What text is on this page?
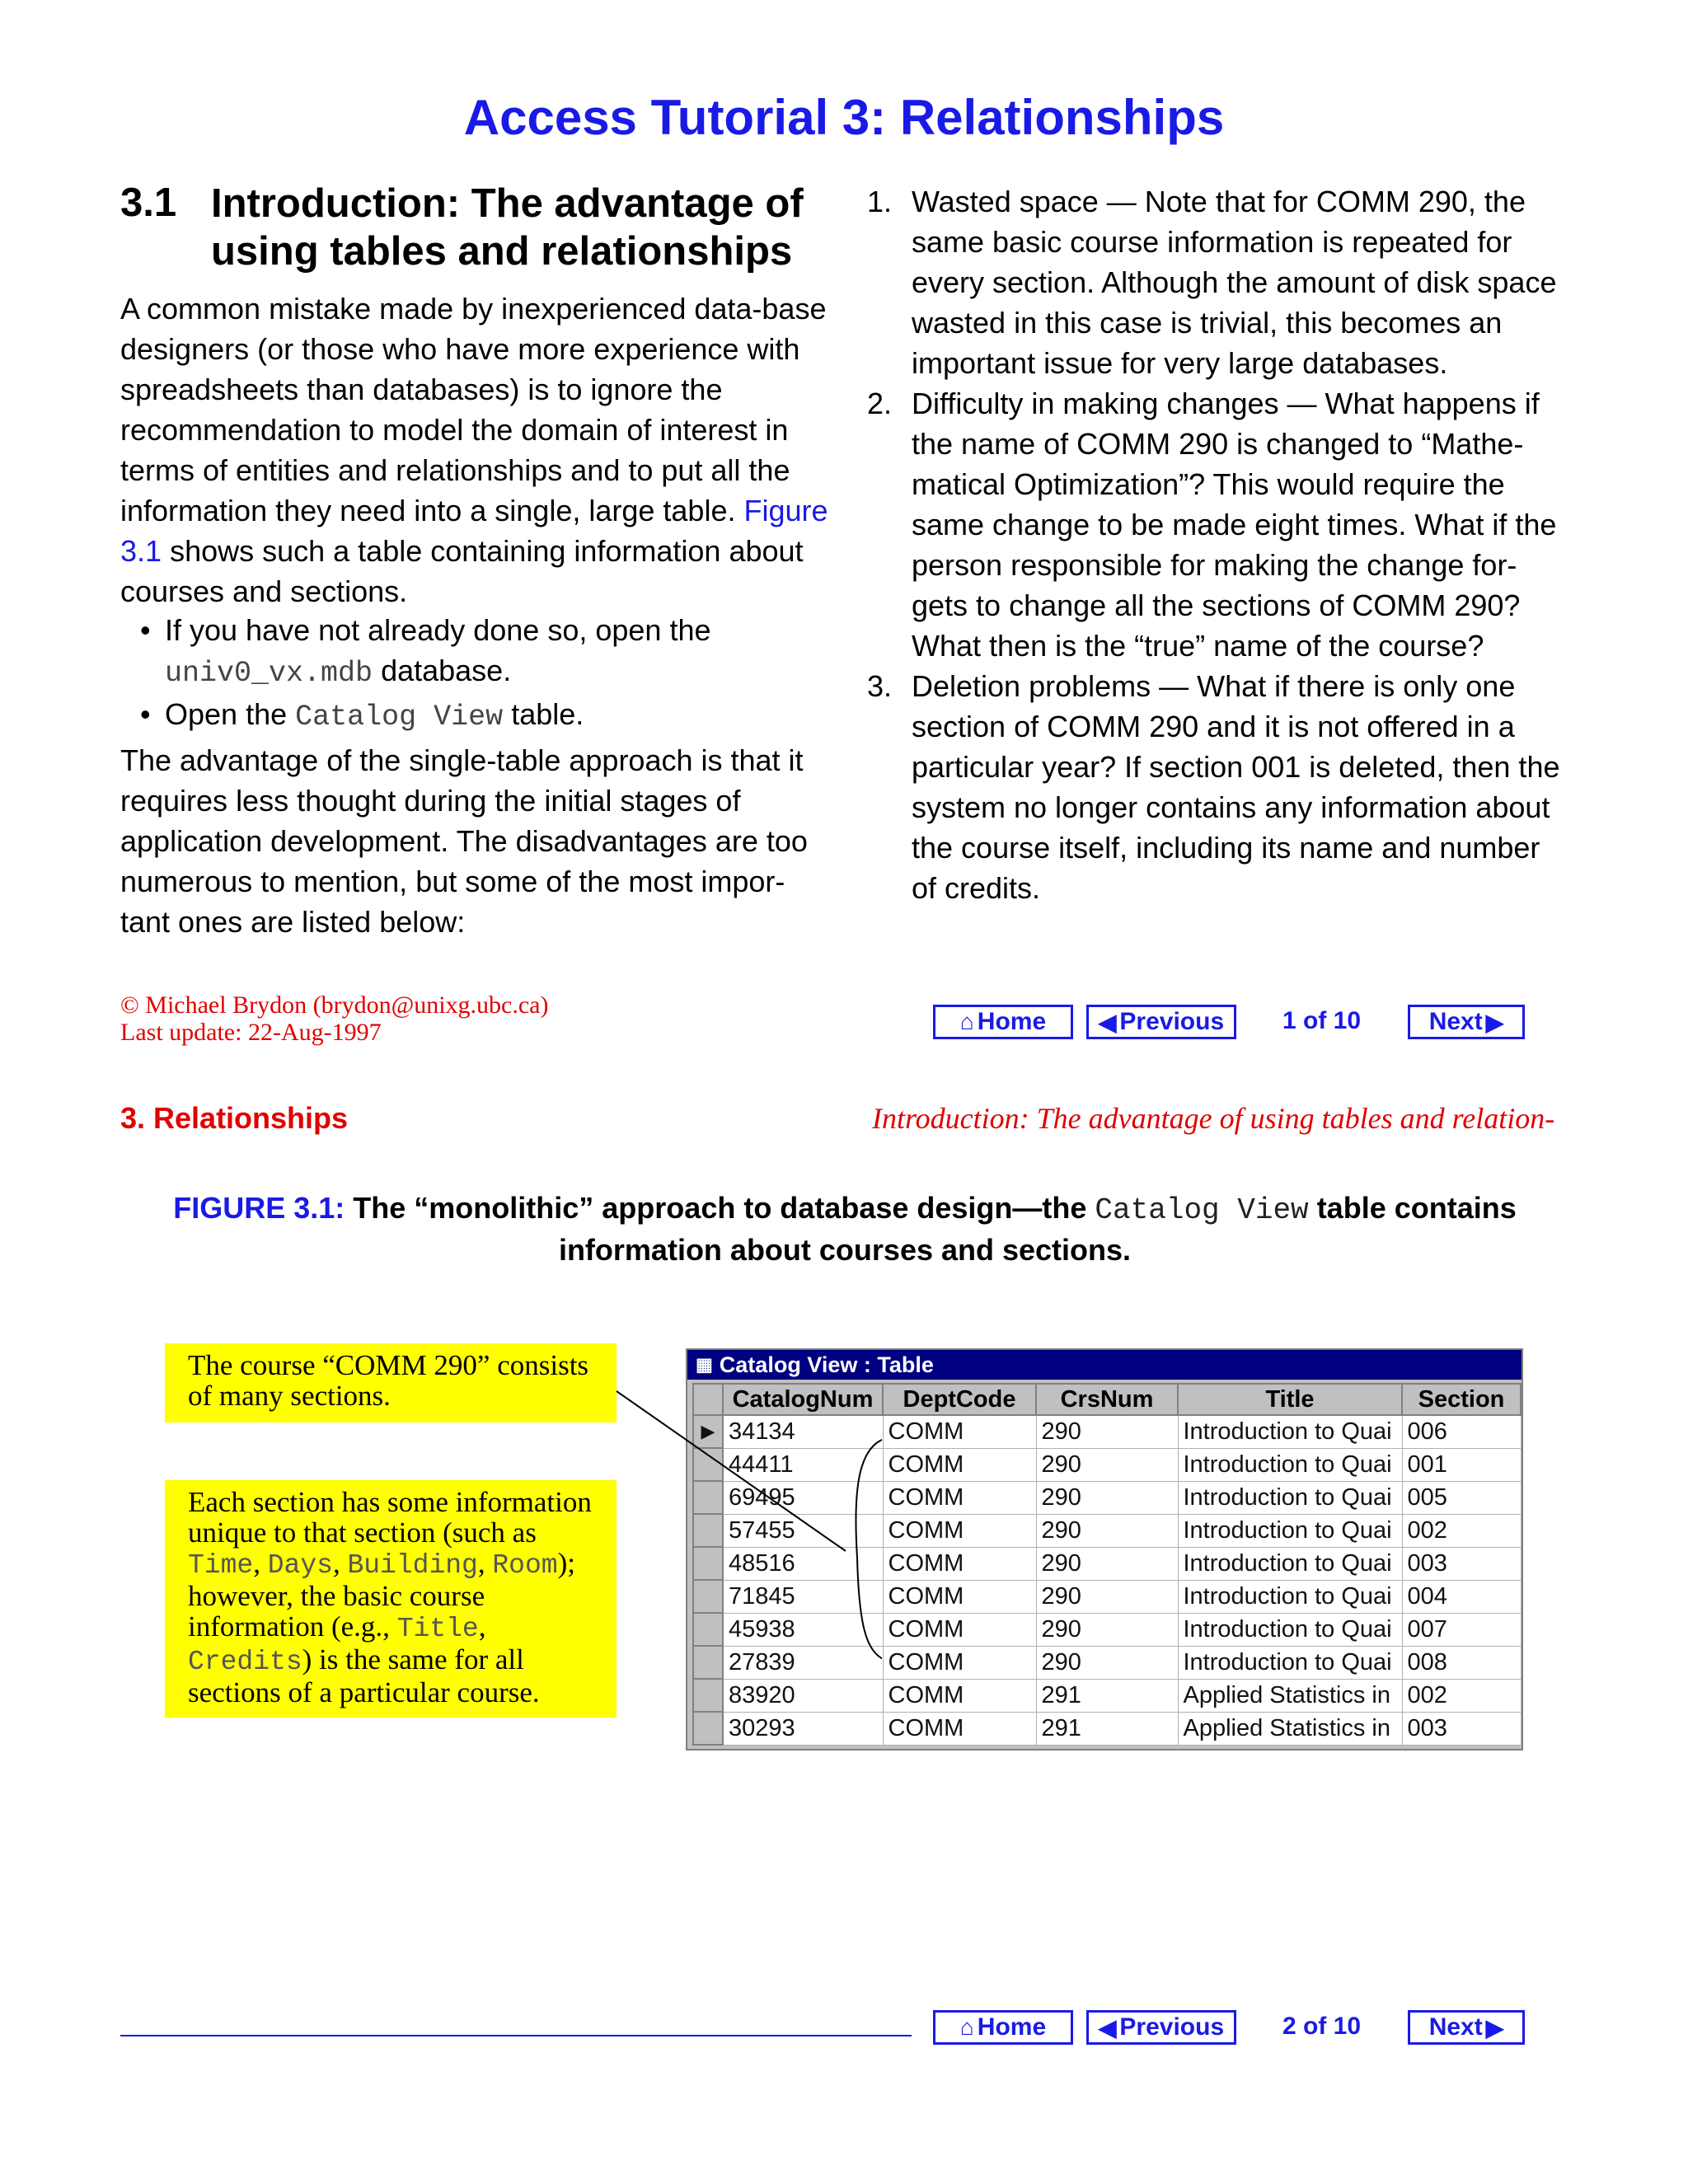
Access Tutorial 3: Relationships
3.1 Introduction: The advantage of using tables and relationships
A common mistake made by inexperienced data-base designers (or those who have more experience with spreadsheets than databases) is to ignore the recommendation to model the domain of interest in terms of entities and relationships and to put all the information they need into a single, large table. Figure 3.1 shows such a table containing information about courses and sections.
• If you have not already done so, open the univ0_vx.mdb database.
• Open the Catalog View table.
The advantage of the single-table approach is that it requires less thought during the initial stages of application development. The disadvantages are too numerous to mention, but some of the most impor-tant ones are listed below:
1. Wasted space — Note that for COMM 290, the same basic course information is repeated for every section. Although the amount of disk space wasted in this case is trivial, this becomes an important issue for very large databases.
2. Difficulty in making changes — What happens if the name of COMM 290 is changed to “Mathe-matical Optimization”? This would require the same change to be made eight times. What if the person responsible for making the change for-gets to change all the sections of COMM 290? What then is the “true” name of the course?
3. Deletion problems — What if there is only one section of COMM 290 and it is not offered in a particular year? If section 001 is deleted, then the system no longer contains any information about the course itself, including its name and number of credits.
© Michael Brydon (brydon@unixg.ubc.ca)
Last update: 22-Aug-1997	⌂ Home ◀ Previous 1 of 10	Next ▶
3. Relationships	Introduction: The advantage of using tables and relation-
FIGURE 3.1: The “monolithic” approach to database design—the Catalog View table contains information about courses and sections.
The course “COMM 290” consists of many sections.
Each section has some information unique to that section (such as Time, Days, Building, Room); however, the basic course information (e.g., Title, Credits) is the same for all sections of a particular course.
▦ Catalog View : Table
	CatalogNum	DeptCode	CrsNum	Title	Section
▶	34134	COMM	290	Introduction to Quai	006
	44411	COMM	290	Introduction to Quai	001
	69495	COMM	290	Introduction to Quai	005
	57455	COMM	290	Introduction to Quai	002
	48516	COMM	290	Introduction to Quai	003
	71845	COMM	290	Introduction to Quai	004
	45938	COMM	290	Introduction to Quai	007
	27839	COMM	290	Introduction to Quai	008
	83920	COMM	291	Applied Statistics in	002
	30293	COMM	291	Applied Statistics in	003
⌂ Home ◀ Previous 2 of 10	Next ▶
